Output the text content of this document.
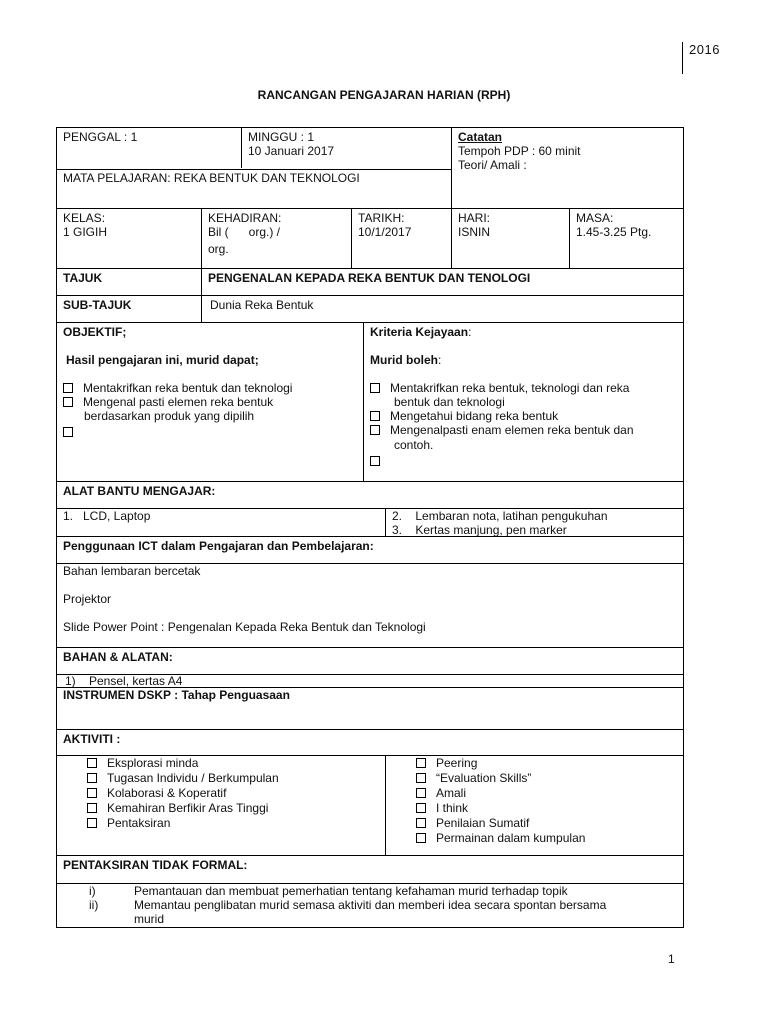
2016
RANCANGAN PENGAJARAN HARIAN (RPH)
PENGGAL : 1	MINGGU : 1
10 Januari 2017
MATA PELAJARAN: REKA BENTUK DAN TEKNOLOGI
Catatan
Tempoh PDP : 60 minit
Teori/ Amali :
KELAS:
1 GIGIH
KEHADIRAN:
Bil (      org.) /
org.
TARIKH:
10/1/2017
HARI:
ISNIN
MASA:
1.45-3.25 Ptg.
TAJUK	PENGENALAN KEPADA REKA BENTUK DAN TENOLOGI
SUB-TAJUK	Dunia Reka Bentuk
OBJEKTIF;
Hasil pengajaran ini, murid dapat;
Mentakrifkan reka bentuk dan teknologi
Mengenal pasti elemen reka bentuk
berdasarkan produk yang dipilih
Kriteria Kejayaan:
Murid boleh:
Mentakrifkan reka bentuk, teknologi dan reka
bentuk dan teknologi
Mengetahui bidang reka bentuk
Mengenalpasti enam elemen reka bentuk dan
contoh.
ALAT BANTU MENGAJAR:
1.   LCD, Laptop	2.    Lembaran nota, latihan pengukuhan
3.    Kertas manjung, pen marker
Penggunaan ICT dalam Pengajaran dan Pembelajaran:
Bahan lembaran bercetak
Projektor
Slide Power Point : Pengenalan Kepada Reka Bentuk dan Teknologi
BAHAN & ALATAN:
1)    Pensel, kertas A4
INSTRUMEN DSKP : Tahap Penguasaan
AKTIVITI :
Eksplorasi minda
Tugasan Individu / Berkumpulan
Kolaborasi & Koperatif
Kemahiran Berfikir Aras Tinggi
Pentaksiran
Peering
“Evaluation Skills”
Amali
I think
Penilaian Sumatif
Permainan dalam kumpulan
PENTAKSIRAN TIDAK FORMAL:
i)	Pemantauan dan membuat pemerhatian tentang kefahaman murid terhadap topik
ii)	Memantau penglibatan murid semasa aktiviti dan memberi idea secara spontan bersama
murid
1
